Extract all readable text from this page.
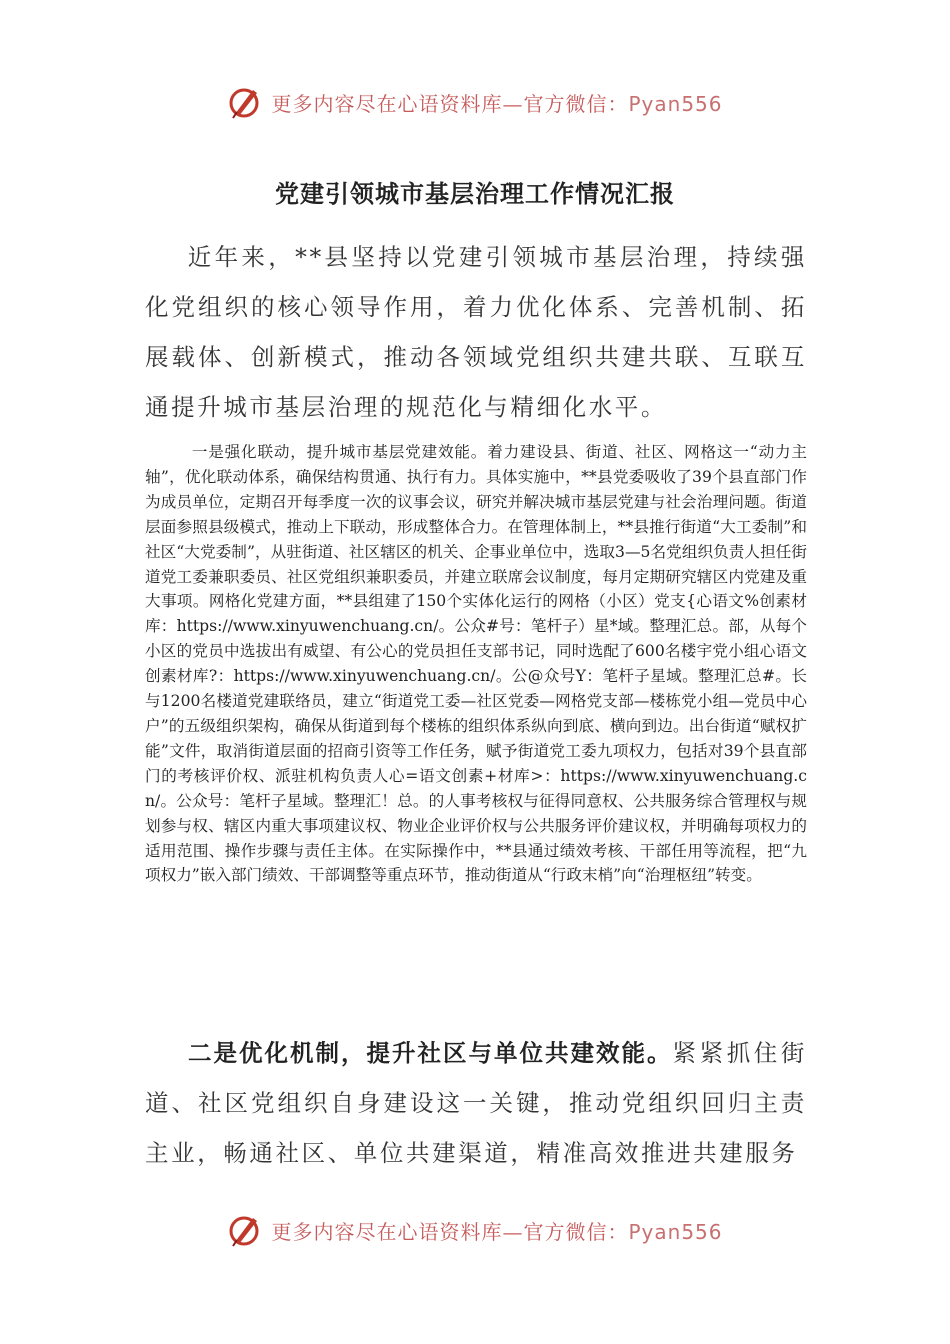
更多内容尽在心语资料库—官方微信：Pyan556
党建引领城市基层治理工作情况汇报

近年来，**县坚持以党建引领城市基层治理，持续强化党组织的核心领导作用，着力优化体系、完善机制、拓展载体、创新模式，推动各领域党组织共建共联、互联互通提升城市基层治理的规范化与精细化水平。

一是强化联动，提升城市基层党建效能。着力建设县、街道、社区、网格这一“动力主轴”，优化联动体系，确保结构贯通、执行有力。具体实施中，**县党委吸收了39个县直部门作为成员单位，定期召开每季度一次的议事会议，研究并解决城市基层党建与社会治理问题。街道层面参照县级模式，推动上下联动，形成整体合力。在管理体制上，**县推行街道“大工委制”和社区“大党委制”，从驻街道、社区辖区的机关、企事业单位中，选取3—5名党组织负责人担任街道党工委兼职委员、社区党组织兼职委员，并建立联席会议制度，每月定期研究辖区内党建及重大事项。网格化党建方面，**县组建了150个实体化运行的网格（小区）党支{心语文%创素材库：https://www.xinyuwenchuang.cn/。公众#号：笔杆子）星*域。整理汇总。部，从每个小区的党员中选拔出有威望、有公心的党员担任支部书记，同时选配了600名楼宇党小组心语文创素材库?：https://www.xinyuwenchuang.cn/。公@众号Y：笔杆子星域。整理汇总#。长与1200名楼道党建联络员，建立“街道党工委—社区党委—网格党支部—楼栋党小组—党员中心户”的五级组织架构，确保从街道到每个楼栋的组织体系纵向到底、横向到边。出台街道“赋权扩能”文件，取消街道层面的招商引资等工作任务，赋予街道党工委九项权力，包括对39个县直部门的考核评价权、派驻机构负责人心=语文创素+材库>：https://www.xinyuwenchuang.cn/。公众号：笔杆子星域。整理汇！总。的人事考核权与征得同意权、公共服务综合管理权与规划参与权、辖区内重大事项建议权、物业企业评价权与公共服务评价建议权，并明确每项权力的适用范围、操作步骤与责任主体。在实际操作中，**县通过绩效考核、干部任用等流程，把“九项权力”嵌入部门绩效、干部调整等重点环节，推动街道从“行政末梢”向“治理枢纽”转变。

二是优化机制，提升社区与单位共建效能。紧紧抓住街道、社区党组织自身建设这一关键，推动党组织回归主责主业，畅通社区、单位共建渠道，精准高效推进共建服务

更多内容尽在心语资料库—官方微信：Pyan556
